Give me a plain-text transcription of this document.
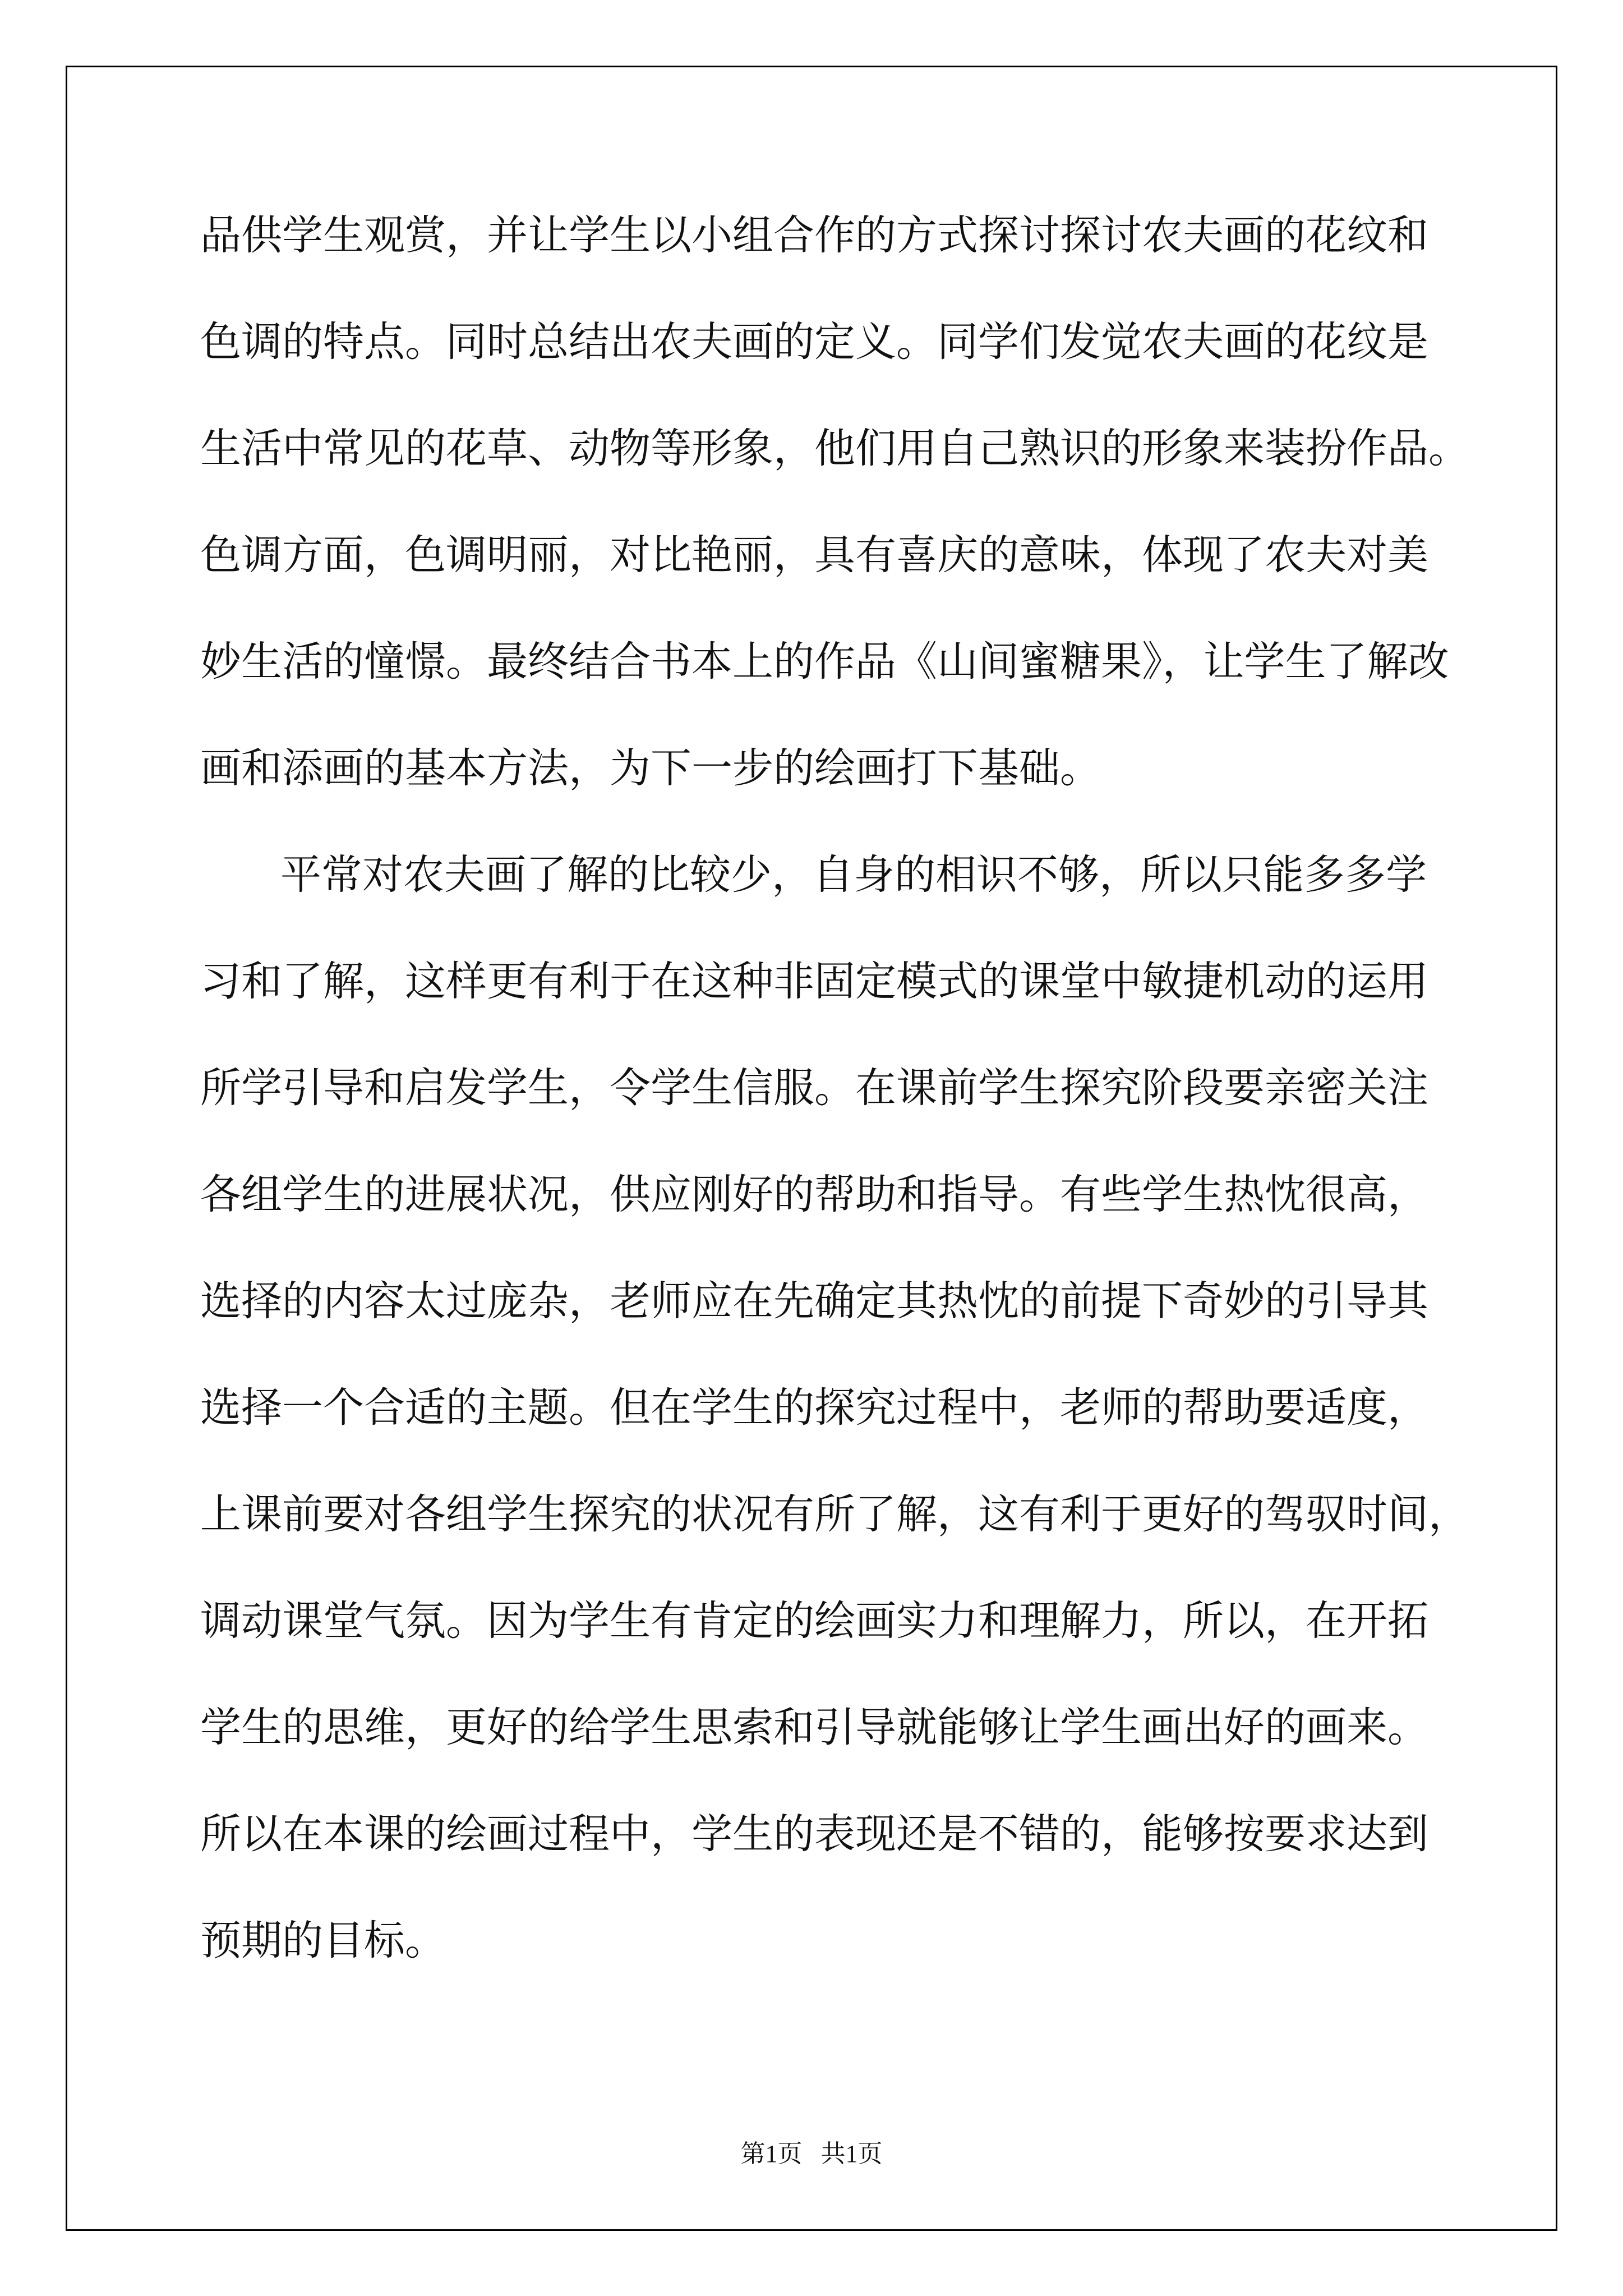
品供学生观赏，并让学生以小组合作的方式探讨探讨农夫画的花纹和
色调的特点。同时总结出农夫画的定义。同学们发觉农夫画的花纹是
生活中常见的花草、动物等形象，他们用自己熟识的形象来装扮作品。
色调方面，色调明丽，对比艳丽，具有喜庆的意味，体现了农夫对美
妙生活的憧憬。最终结合书本上的作品《山间蜜糖果》，让学生了解改
画和添画的基本方法，为下一步的绘画打下基础。
平常对农夫画了解的比较少，自身的相识不够，所以只能多多学
习和了解，这样更有利于在这种非固定模式的课堂中敏捷机动的运用
所学引导和启发学生，令学生信服。在课前学生探究阶段要亲密关注
各组学生的进展状况，供应刚好的帮助和指导。有些学生热忱很高，
选择的内容太过庞杂，老师应在先确定其热忱的前提下奇妙的引导其
选择一个合适的主题。但在学生的探究过程中，老师的帮助要适度，
上课前要对各组学生探究的状况有所了解，这有利于更好的驾驭时间，
调动课堂气氛。因为学生有肯定的绘画实力和理解力，所以，在开拓
学生的思维，更好的给学生思索和引导就能够让学生画出好的画来。
所以在本课的绘画过程中，学生的表现还是不错的，能够按要求达到
预期的目标。
第1页   共1页
